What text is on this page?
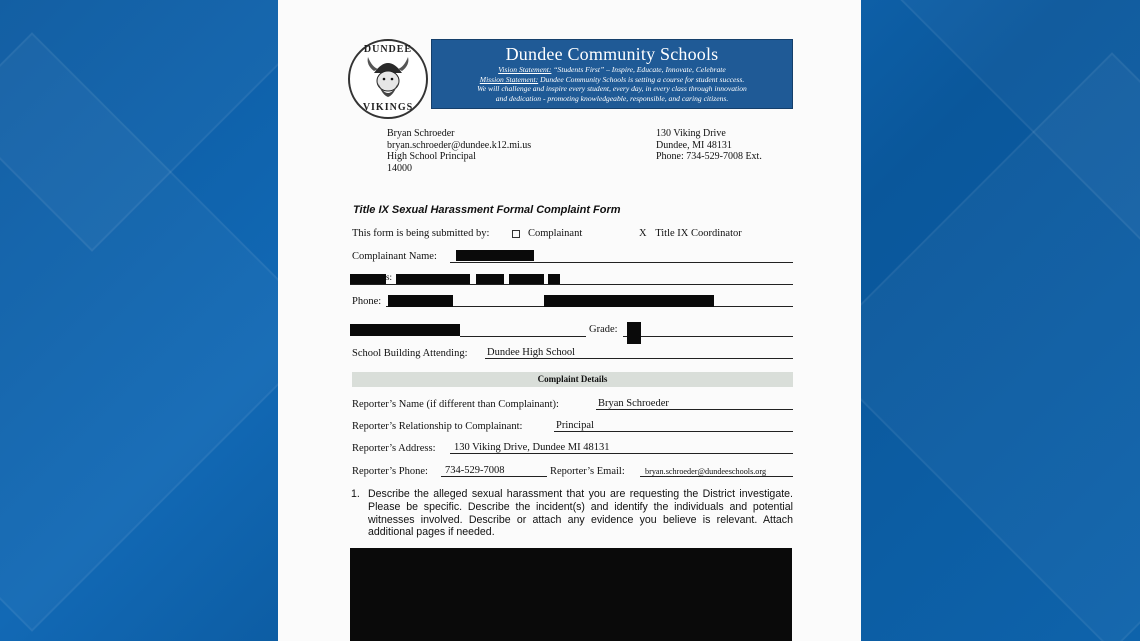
DUNDEE
VIKINGS
Dundee Community Schools
Vision Statement: “Students First” – Inspire, Educate, Innovate, Celebrate
Mission Statement: Dundee Community Schools is setting a course for student success.
We will challenge and inspire every student, every day, in every class through innovation
and dedication - promoting knowledgeable, responsible, and caring citizens.
Bryan Schroeder
bryan.schroeder@dundee.k12.mi.us
High School Principal
14000
130 Viking Drive
Dundee, MI 48131
Phone: 734-529-7008 Ext.
Title IX Sexual Harassment Formal Complaint Form
This form is being submitted by:	Complainant	X Title IX Coordinator
Complainant Name:
s:
Phone:
Grade:
School Building Attending: Dundee High School
Complaint Details
Reporter’s Name (if different than Complainant):	Bryan Schroeder
Reporter’s Relationship to Complainant:	Principal
Reporter’s Address: 130 Viking Drive, Dundee MI 48131
Reporter’s Phone: 734-529-7008	Reporter’s Email: bryan.schroeder@dundeeschools.org
1. Describe the alleged sexual harassment that you are requesting the District investigate. Please be specific. Describe the incident(s) and identify the individuals and potential witnesses involved. Describe or attach any evidence you believe is relevant. Attach additional pages if needed.
